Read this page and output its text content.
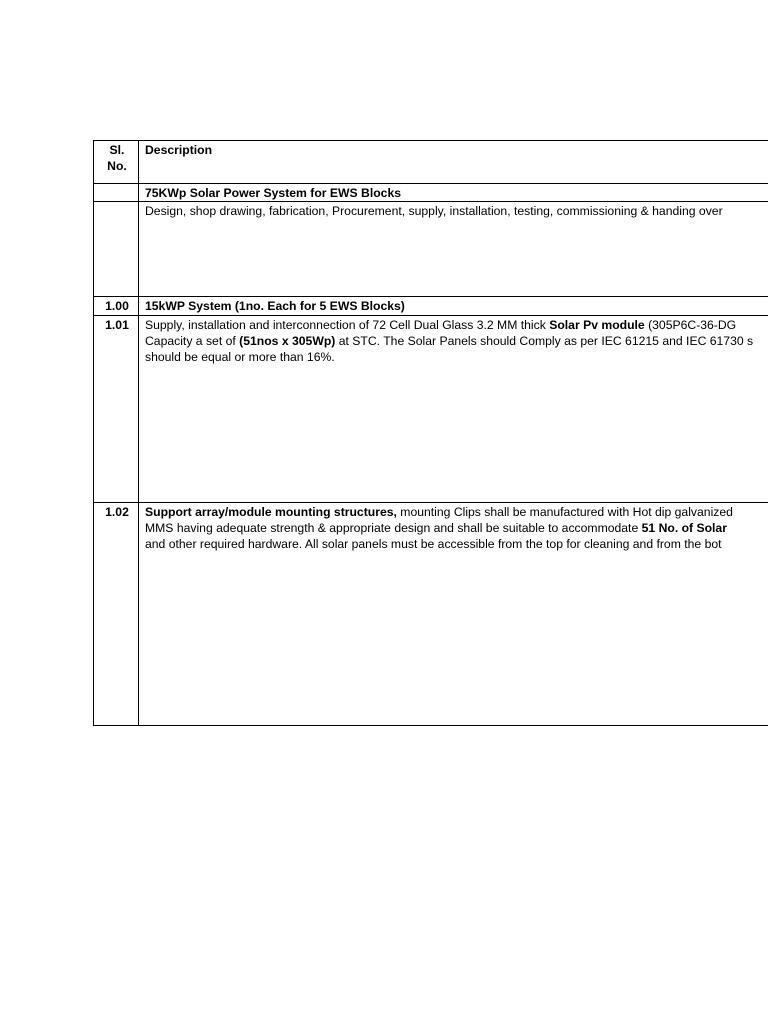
Sl.
No.	Description
	75KWp Solar Power System for EWS Blocks
	Design, shop drawing, fabrication, Procurement, supply, installation, testing, commissioning & handing over
1.00	15kWP System (1no. Each for 5 EWS Blocks)
1.01	Supply, installation and interconnection of 72 Cell Dual Glass 3.2 MM thick Solar Pv module (305P6C-36-DG
Capacity a set of (51nos x 305Wp) at STC. The Solar Panels should Comply as per IEC 61215 and IEC 61730 s
should be equal or more than 16%.

1.02	Support array/module mounting structures, mounting Clips shall be manufactured with Hot dip galvanized
MMS having adequate strength & appropriate design and shall be suitable to accommodate 51 No. of Solar
and other required hardware. All solar panels must be accessible from the top for cleaning and from the bot
